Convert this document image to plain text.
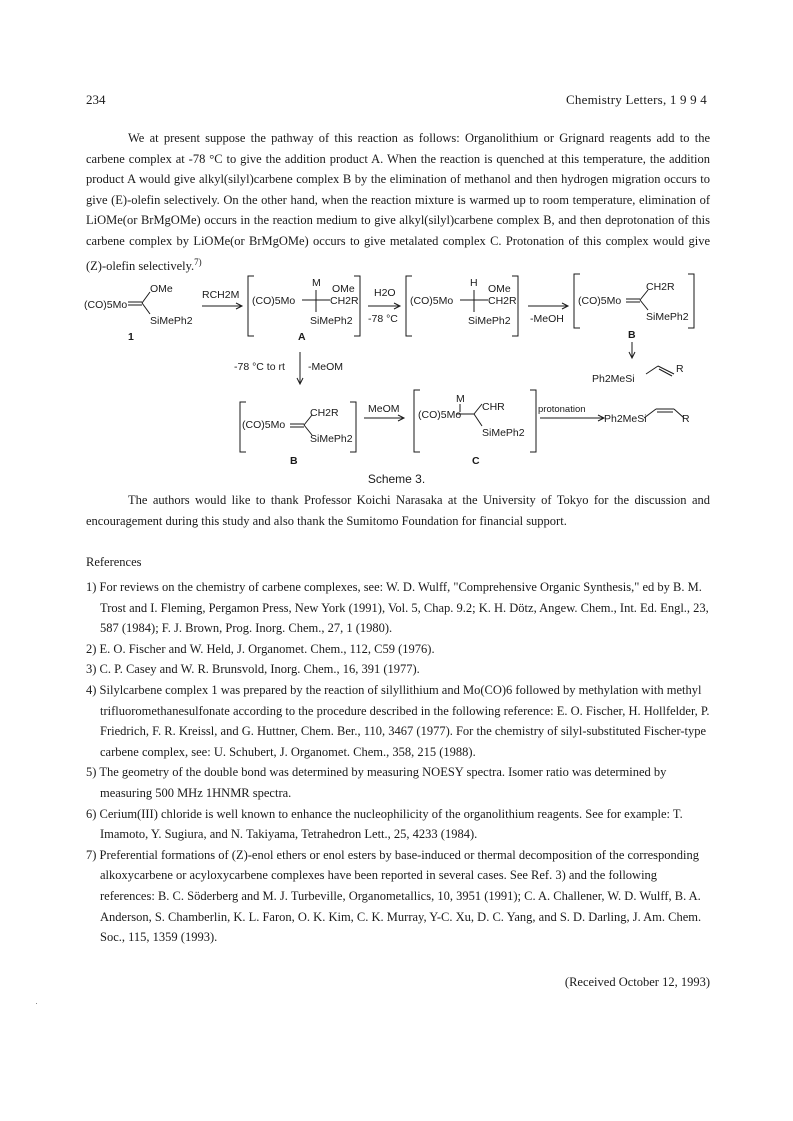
234	Chemistry Letters, 1 9 9 4
We at present suppose the pathway of this reaction as follows: Organolithium or Grignard reagents add to the carbene complex at -78 °C to give the addition product A. When the reaction is quenched at this temperature, the addition product A would give alkyl(silyl)carbene complex B by the elimination of methanol and then hydrogen migration occurs to give (E)-olefin selectively. On the other hand, when the reaction mixture is warmed up to room temperature, elimination of LiOMe(or BrMgOMe) occurs in the reaction medium to give alkyl(silyl)carbene complex B, and then deprotonation of this carbene complex by LiOMe(or BrMgOMe) occurs to give metalated complex C. Protonation of this complex would give (Z)-olefin selectively.$^{7)}$
(CO)5Mo
OMe
SiMePh2
1
RCH2M
M OMe
(CO)5Mo	CH2R
SiMePh2
A
H2O
-78 °C
H OMe
(CO)5Mo	CH2R
SiMePh2 -MeOH
(CO)5Mo
CH2R
SiMePh2
B
Ph2MeSi
R
-78 °C to rt -MeOM
(CO)5Mo
CH2R
SiMePh2
B
MeOM
M
CHR
(CO)5Mo
SiMePh2
C
protonation
Ph2MeSi	R
Scheme 3.
The authors would like to thank Professor Koichi Narasaka at the University of Tokyo for the discussion and encouragement during this study and also thank the Sumitomo Foundation for financial support.
References
1) For reviews on the chemistry of carbene complexes, see: W. D. Wulff, "Comprehensive Organic Synthesis," ed by B. M. Trost and I. Fleming, Pergamon Press, New York (1991), Vol. 5, Chap. 9.2; K. H. Dötz, Angew. Chem., Int. Ed. Engl., 23, 587 (1984); F. J. Brown, Prog. Inorg. Chem., 27, 1 (1980).
2) E. O. Fischer and W. Held, J. Organomet. Chem., 112, C59 (1976).
3) C. P. Casey and W. R. Brunsvold, Inorg. Chem., 16, 391 (1977).
4) Silylcarbene complex 1 was prepared by the reaction of silyllithium and Mo(CO)6 followed by methylation with methyl trifluoromethanesulfonate according to the procedure described in the following reference: E. O. Fischer, H. Hollfelder, P. Friedrich, F. R. Kreissl, and G. Huttner, Chem. Ber., 110, 3467 (1977). For the chemistry of silyl-substituted Fischer-type carbene complex, see: U. Schubert, J. Organomet. Chem., 358, 215 (1988).
5) The geometry of the double bond was determined by measuring NOESY spectra. Isomer ratio was determined by measuring 500 MHz 1HNMR spectra.
6) Cerium(III) chloride is well known to enhance the nucleophilicity of the organolithium reagents. See for example: T. Imamoto, Y. Sugiura, and N. Takiyama, Tetrahedron Lett., 25, 4233 (1984).
7) Preferential formations of (Z)-enol ethers or enol esters by base-induced or thermal decomposition of the corresponding alkoxycarbene or acyloxycarbene complexes have been reported in several cases. See Ref. 3) and the following references: B. C. Söderberg and M. J. Turbeville, Organometallics, 10, 3951 (1991); C. A. Challener, W. D. Wulff, B. A. Anderson, S. Chamberlin, K. L. Faron, O. K. Kim, C. K. Murray, Y-C. Xu, D. C. Yang, and S. D. Darling, J. Am. Chem. Soc., 115, 1359 (1993).
(Received October 12, 1993)
